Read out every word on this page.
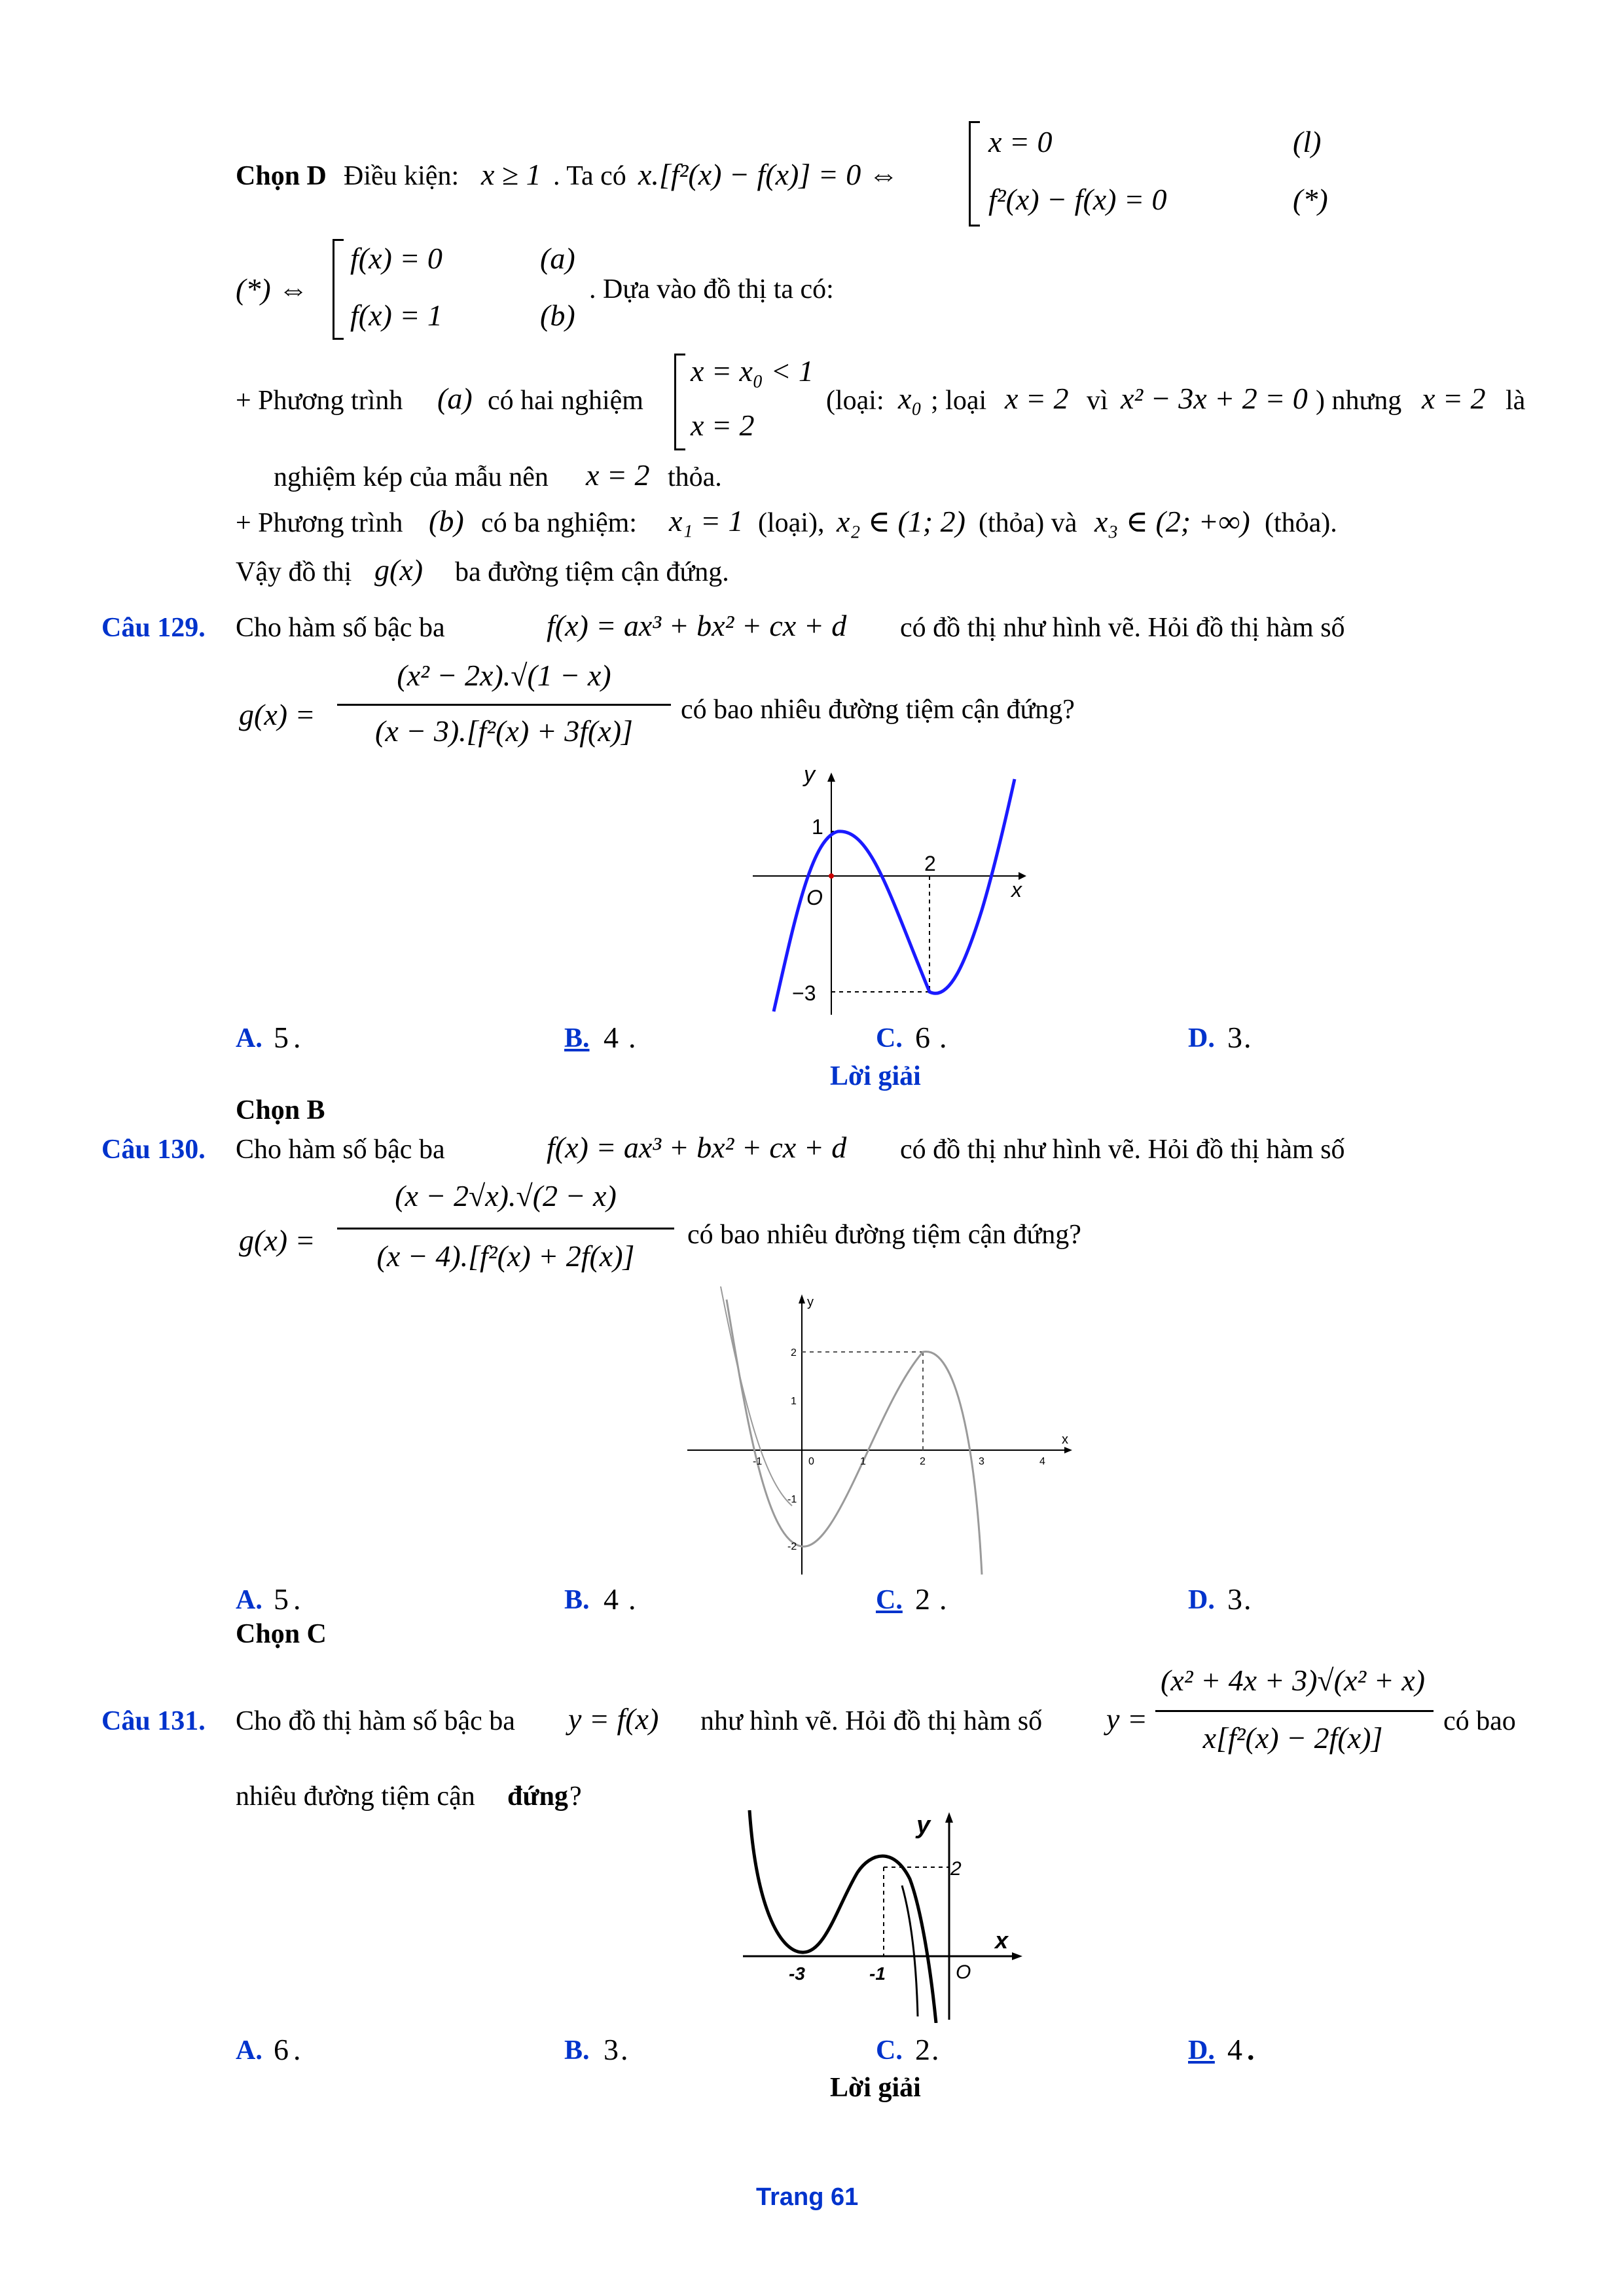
Chọn D Điều kiện: x ≥ 1 . Ta có x.[f²(x) − f(x)] = 0 ⇔
x = 0	(l)
f²(x) − f(x) = 0	(*)
(*) ⇔
f(x) = 0	(a)
f(x) = 1	(b)
. Dựa vào đồ thị ta có:
+ Phương trình (a) có hai nghiệm
x = x₀ < 1
x = 2
(loại: x₀ ; loại x = 2 vì x² − 3x + 2 = 0 ) nhưng x = 2 là
nghiệm kép của mẫu nên x = 2 thỏa.
+ Phương trình (b) có ba nghiệm: x₁ = 1 (loại), x₂ ∈ (1; 2) (thỏa) và x₃ ∈ (2; +∞) (thỏa).
Vậy đồ thị g(x) ba đường tiệm cận đứng.
Câu 129. Cho hàm số bậc ba	f(x) = ax³ + bx² + cx + d có đồ thị như hình vẽ. Hỏi đồ thị hàm số
g(x) =
(x² − 2x).√(1 − x)
(x − 3).[f²(x) + 3f(x)]
có bao nhiêu đường tiệm cận đứng?
y
x
O
1
2
−3
A. 5 .	B. 4 .	C. 6 .	D. 3 .
Lời giải
Chọn B
Câu 130. Cho hàm số bậc ba	f(x) = ax³ + bx² + cx + d có đồ thị như hình vẽ. Hỏi đồ thị hàm số
g(x) =
(x − 2√x).√(2 − x)
(x − 4).[f²(x) + 2f(x)]
có bao nhiêu đường tiệm cận đứng?
y
x
2
1
-1
-2
-1	0	1	2	3	4
A. 5 .	B. 4 .	C. 2 .	D. 3 .
Chọn C
Câu 131. Cho đồ thị hàm số bậc ba y = f(x) như hình vẽ. Hỏi đồ thị hàm số y =
(x² + 4x + 3)√(x² + x)
x[f²(x) − 2f(x)]	có bao
nhiêu đường tiệm cận đứng ?
y
x
O
2
-3	-1
A. 6 .	B. 3 .	C. 2 .	D. 4 .
Lời giải
Trang 61
